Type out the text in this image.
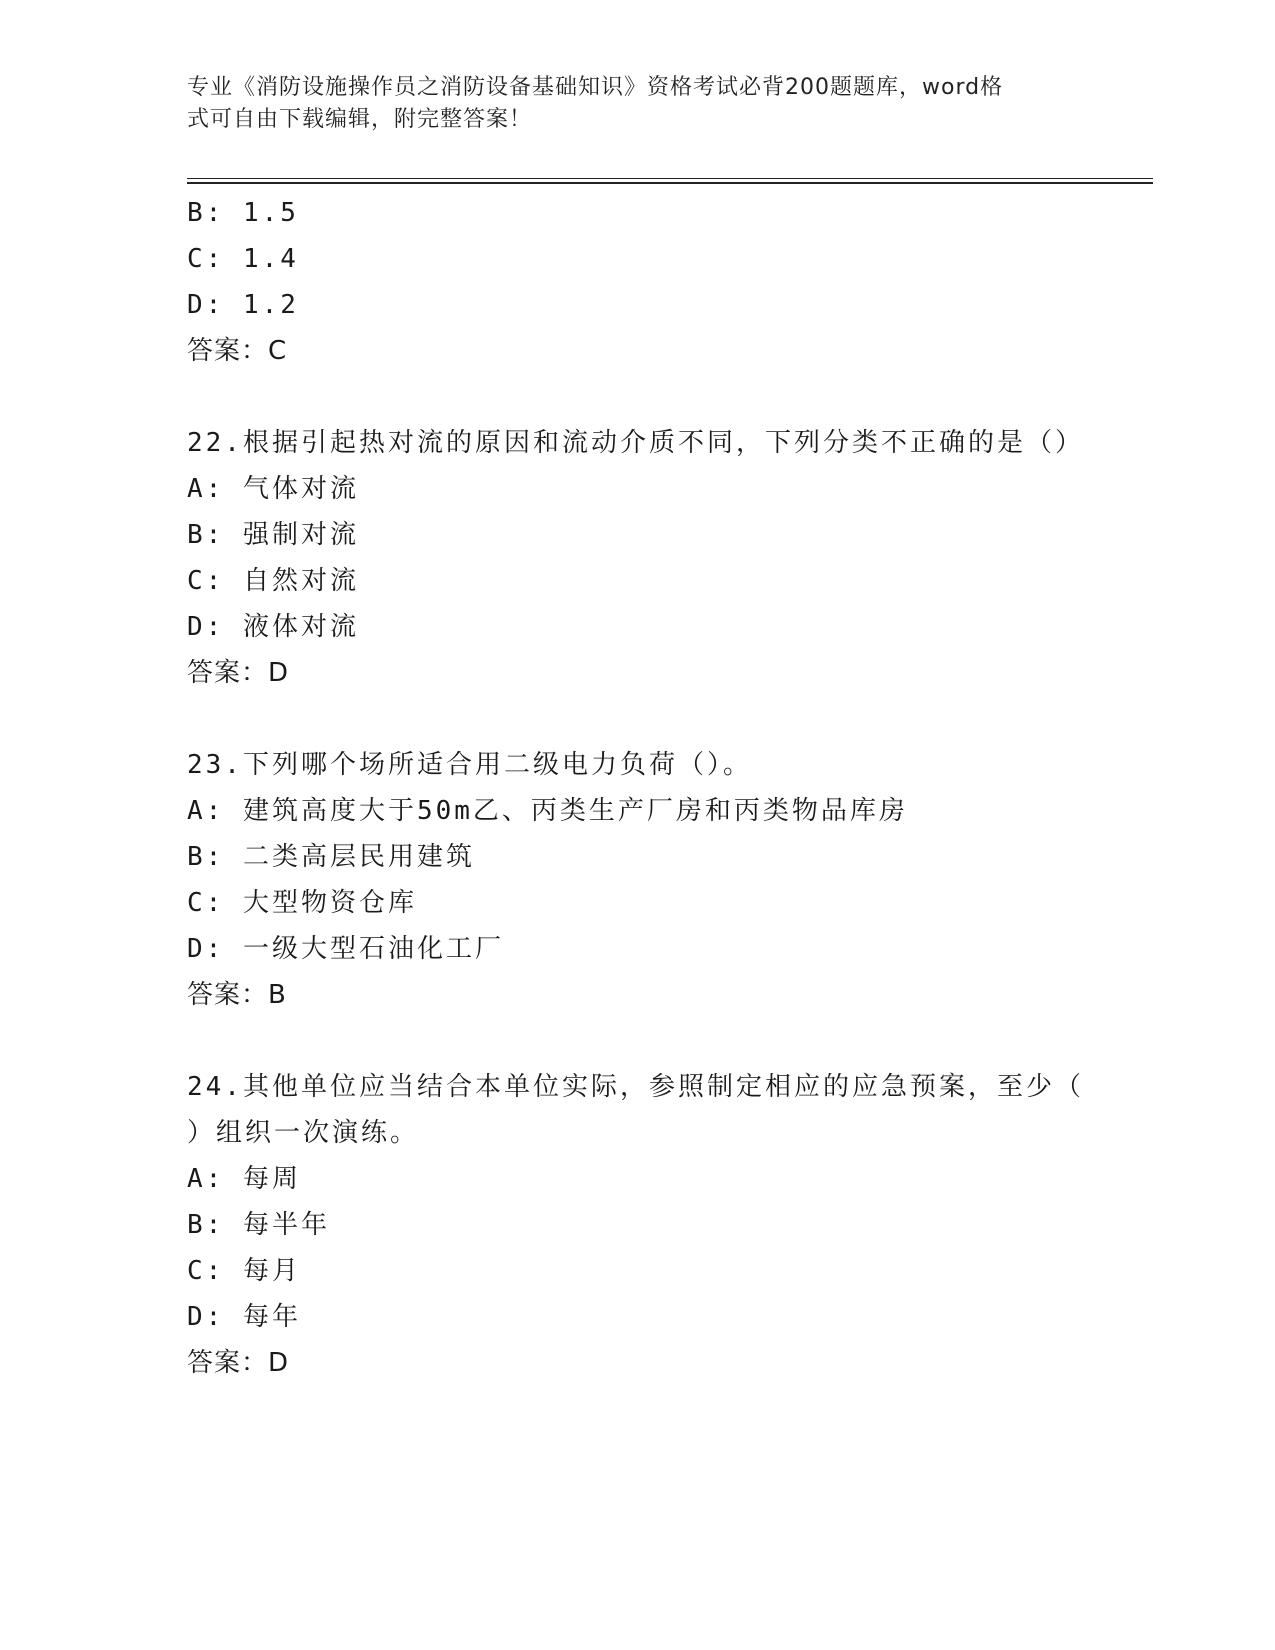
专业《消防设施操作员之消防设备基础知识》资格考试必背200题题库，word格
式可自由下载编辑，附完整答案！
B: 1.5
C: 1.4
D: 1.2
答案：C
22.根据引起热对流的原因和流动介质不同，下列分类不正确的是（）
A: 气体对流
B: 强制对流
C: 自然对流
D: 液体对流
答案：D
23.下列哪个场所适合用二级电力负荷（）。
A: 建筑高度大于50m乙、丙类生产厂房和丙类物品库房
B: 二类高层民用建筑
C: 大型物资仓库
D: 一级大型石油化工厂
答案：B
24.其他单位应当结合本单位实际，参照制定相应的应急预案，至少（
）组织一次演练。
A: 每周
B: 每半年
C: 每月
D: 每年
答案：D
